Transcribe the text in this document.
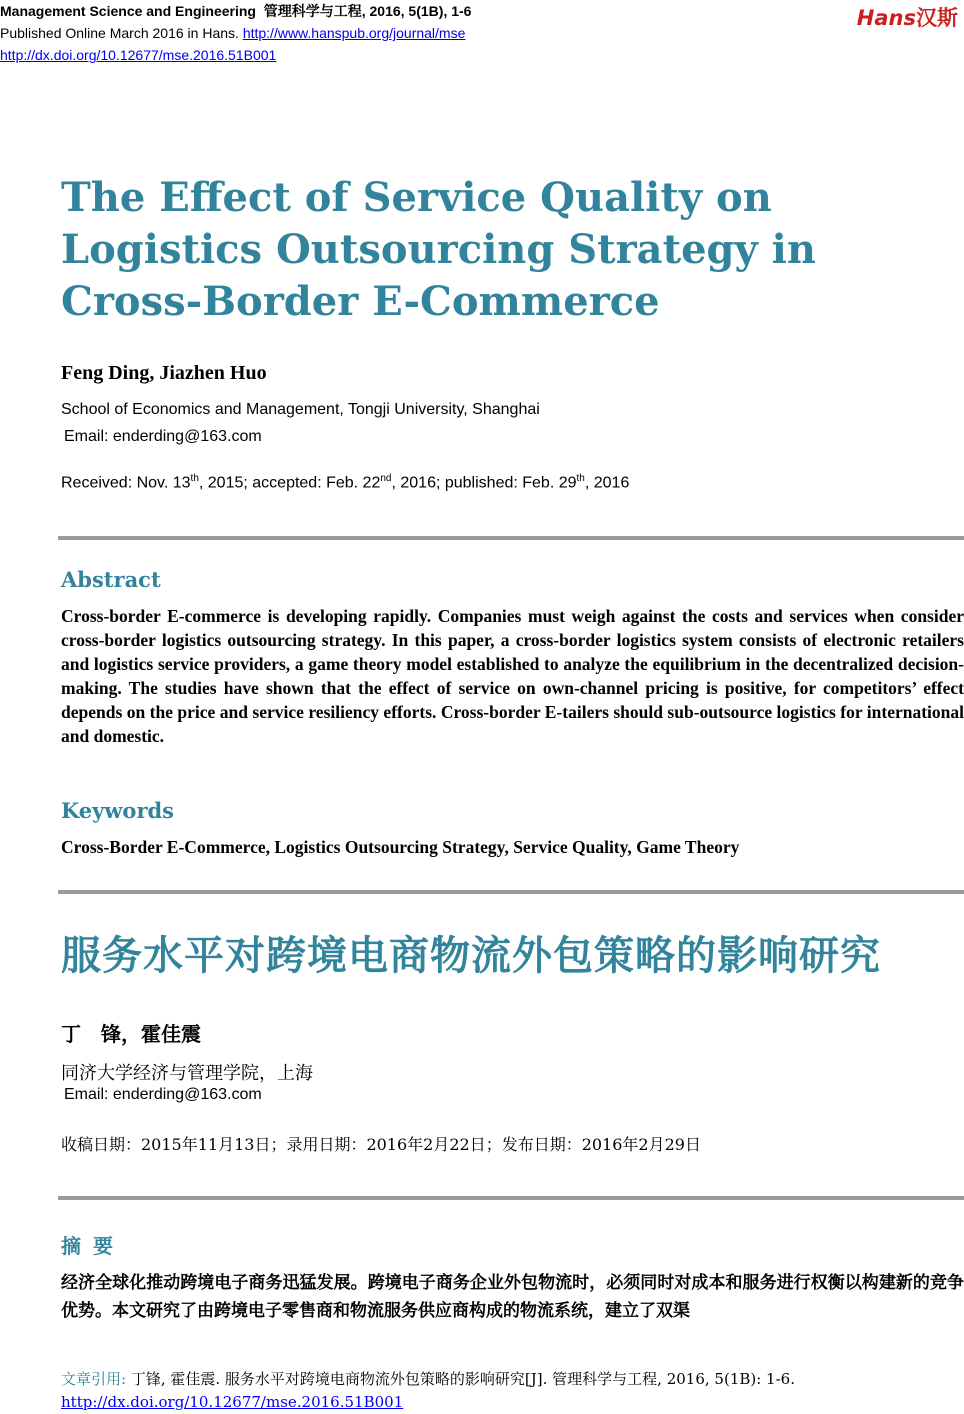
Management Science and Engineering 管理科学与工程, 2016, 5(1B), 1-6
Published Online March 2016 in Hans. http://www.hanspub.org/journal/mse
http://dx.doi.org/10.12677/mse.2016.51B001
Hans汉斯
The Effect of Service Quality on Logistics Outsourcing Strategy in Cross-Border E-Commerce
Feng Ding, Jiazhen Huo
School of Economics and Management, Tongji University, Shanghai
Email: enderding@163.com
Received: Nov. 13th, 2015; accepted: Feb. 22nd, 2016; published: Feb. 29th, 2016
Abstract

Cross-border E-commerce is developing rapidly. Companies must weigh against the costs and services when consider cross-border logistics outsourcing strategy. In this paper, a cross-border logistics system consists of electronic retailers and logistics service providers, a game theory model established to analyze the equilibrium in the decentralized decision-making. The studies have shown that the effect of service on own-channel pricing is positive, for competitors’ effect depends on the price and service resiliency efforts. Cross-border E-tailers should sub-outsource logistics for international and domestic.

Keywords
Cross-Border E-Commerce, Logistics Outsourcing Strategy, Service Quality, Game Theory
服务水平对跨境电商物流外包策略的影响研究
丁　锋，霍佳震
同济大学经济与管理学院，上海
Email: enderding@163.com
收稿日期：2015年11月13日；录用日期：2016年2月22日；发布日期：2016年2月29日
摘要

经济全球化推动跨境电子商务迅猛发展。跨境电子商务企业外包物流时，必须同时对成本和服务进行权衡以构建新的竞争优势。本文研究了由跨境电子零售商和物流服务供应商构成的物流系统，建立了双渠

文章引用: 丁锋, 霍佳震. 服务水平对跨境电商物流外包策略的影响研究[J]. 管理科学与工程, 2016, 5(1B): 1-6.
http://dx.doi.org/10.12677/mse.2016.51B001
